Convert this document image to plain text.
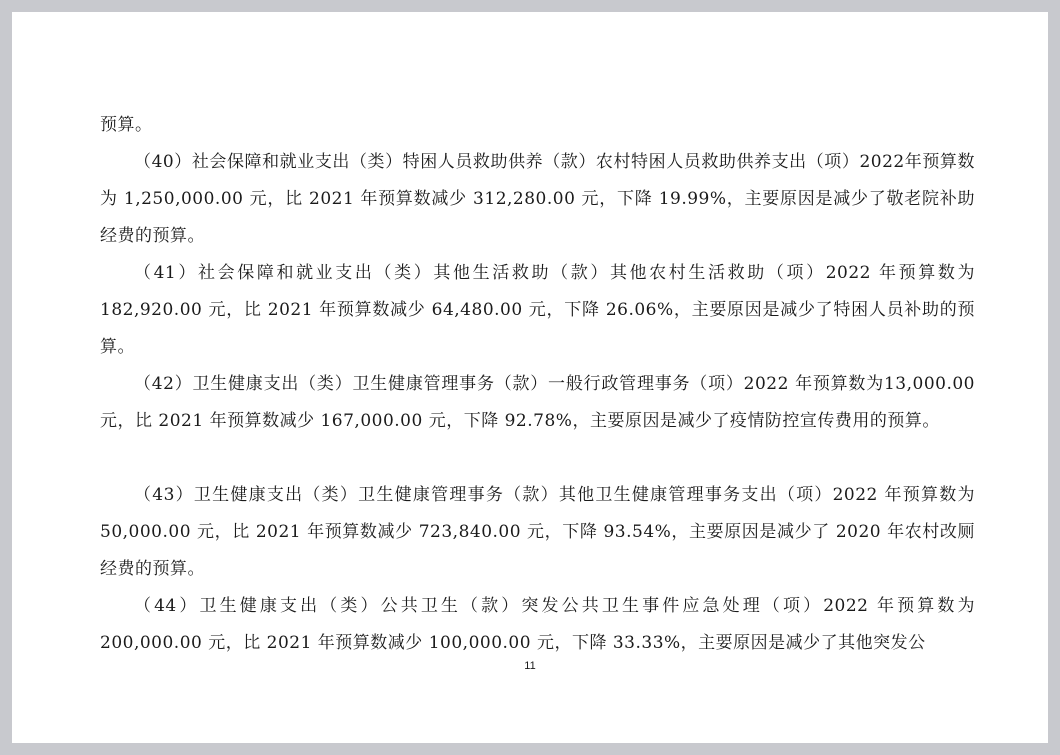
预算。

（40）社会保障和就业支出（类）特困人员救助供养（款）农村特困人员救助供养支出（项）2022年预算数为 1,250,000.00 元，比 2021 年预算数减少 312,280.00 元，下降 19.99%，主要原因是减少了敬老院补助经费的预算。

（41）社会保障和就业支出（类）其他生活救助（款）其他农村生活救助（项）2022 年预算数为 182,920.00 元，比 2021 年预算数减少 64,480.00 元，下降 26.06%，主要原因是减少了特困人员补助的预算。

（42）卫生健康支出（类）卫生健康管理事务（款）一般行政管理事务（项）2022 年预算数为13,000.00 元，比 2021 年预算数减少 167,000.00 元，下降 92.78%，主要原因是减少了疫情防控宣传费用的预算。

（43）卫生健康支出（类）卫生健康管理事务（款）其他卫生健康管理事务支出（项）2022 年预算数为 50,000.00 元，比 2021 年预算数减少 723,840.00 元，下降 93.54%，主要原因是减少了 2020 年农村改厕经费的预算。

（44）卫生健康支出（类）公共卫生（款）突发公共卫生事件应急处理（项）2022 年预算数为200,000.00 元，比 2021 年预算数减少 100,000.00 元，下降 33.33%，主要原因是减少了其他突发公

11
